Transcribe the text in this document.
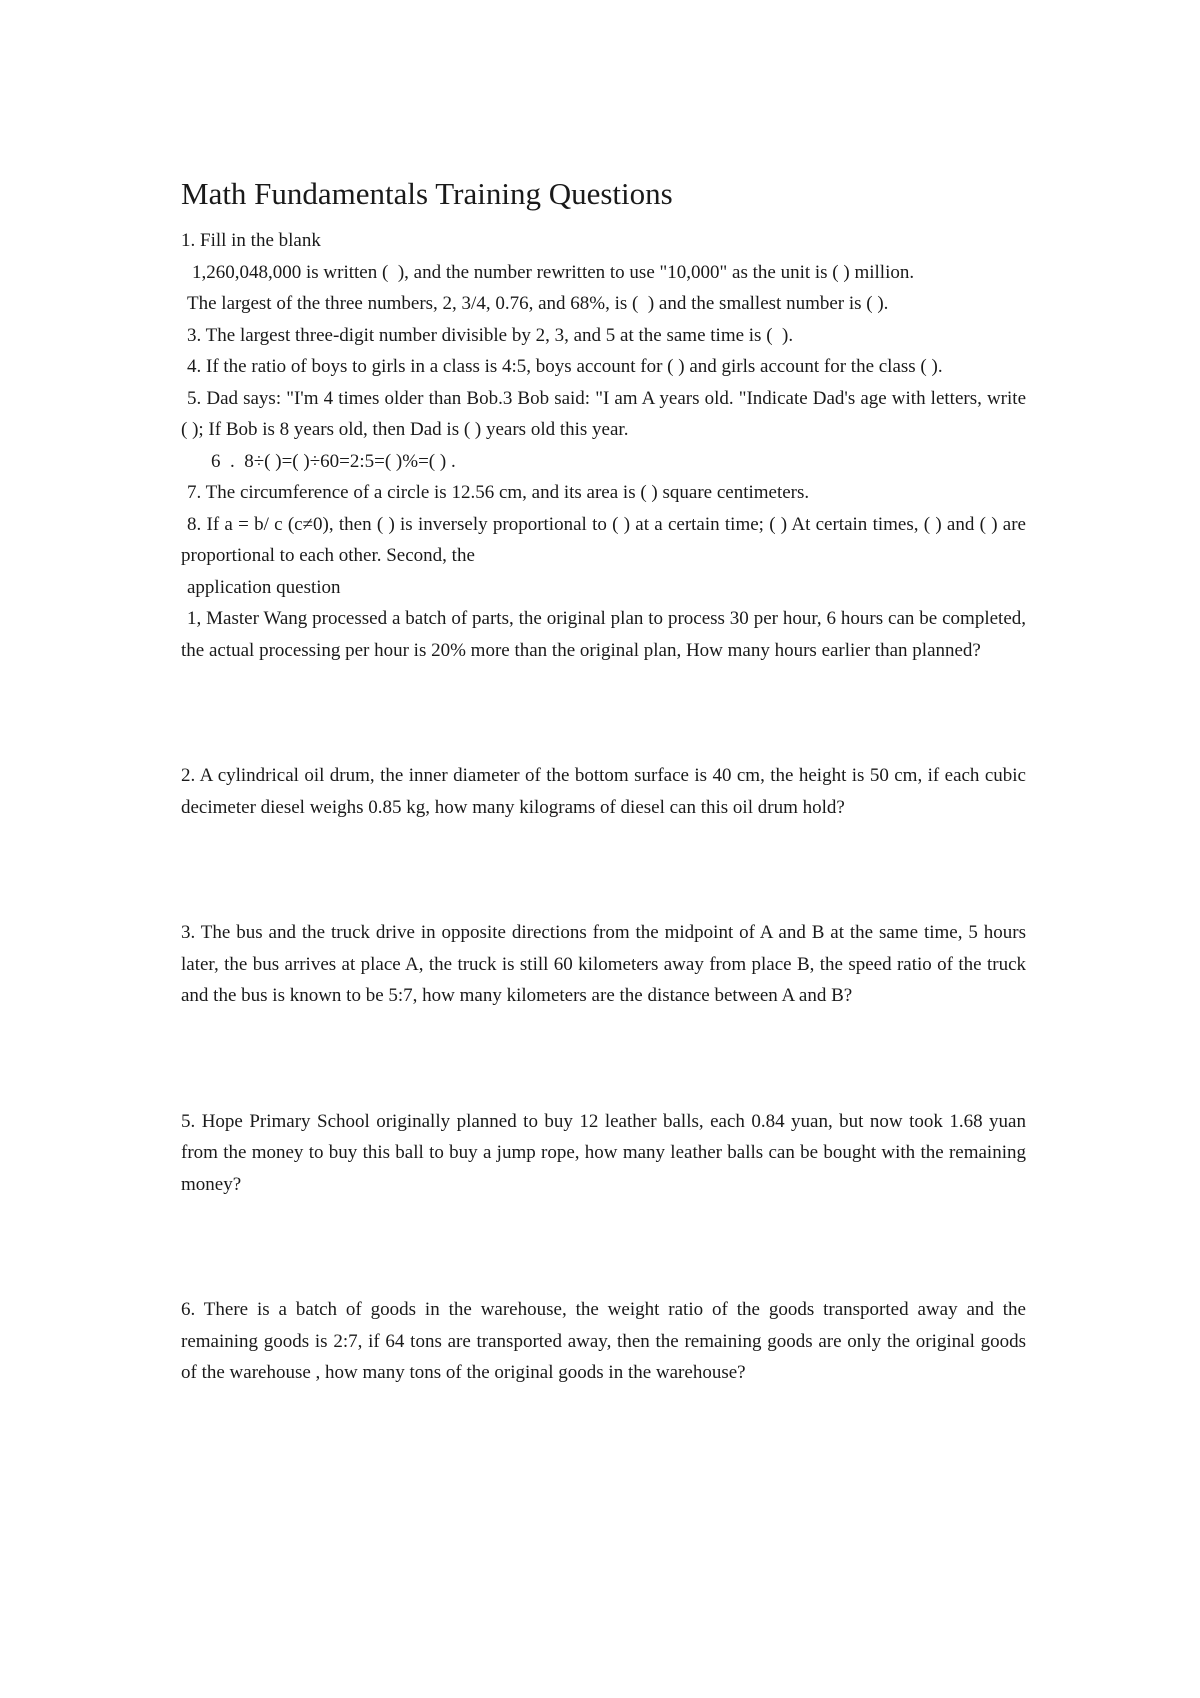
Math Fundamentals Training Questions

1. Fill in the blank

1,260,048,000 is written (  ), and the number rewritten to use "10,000" as the unit is ( ) million.

The largest of the three numbers, 2, 3/4, 0.76, and 68%, is (  ) and the smallest number is ( ).

3. The largest three-digit number divisible by 2, 3, and 5 at the same time is (  ).

4. If the ratio of boys to girls in a class is 4:5, boys account for ( ) and girls account for the class ( ).

5. Dad says: "I'm 4 times older than Bob.3 Bob said: "I am A years old. "Indicate Dad's age with letters, write ( ); If Bob is 8 years old, then Dad is ( ) years old this year.

6  .  8÷( )=( )÷60=2:5=( )%=( ) .

7. The circumference of a circle is 12.56 cm, and its area is ( ) square centimeters.

8. If a = b/ c (c≠0), then ( ) is inversely proportional to ( ) at a certain time; ( ) At certain times, ( ) and ( ) are proportional to each other. Second, the

application question

1, Master Wang processed a batch of parts, the original plan to process 30 per hour, 6 hours can be completed, the actual processing per hour is 20% more than the original plan, How many hours earlier than planned?

2. A cylindrical oil drum, the inner diameter of the bottom surface is 40 cm, the height is 50 cm, if each cubic decimeter diesel weighs 0.85 kg, how many kilograms of diesel can this oil drum hold?

3. The bus and the truck drive in opposite directions from the midpoint of A and B at the same time, 5 hours later, the bus arrives at place A, the truck is still 60 kilometers away from place B, the speed ratio of the truck and the bus is known to be 5:7, how many kilometers are the distance between A and B?

5. Hope Primary School originally planned to buy 12 leather balls, each 0.84 yuan, but now took 1.68 yuan from the money to buy this ball to buy a jump rope, how many leather balls can be bought with the remaining money?

6. There is a batch of goods in the warehouse, the weight ratio of the goods transported away and the remaining goods is 2:7, if 64 tons are transported away, then the remaining goods are only the original goods of the warehouse , how many tons of the original goods in the warehouse?
